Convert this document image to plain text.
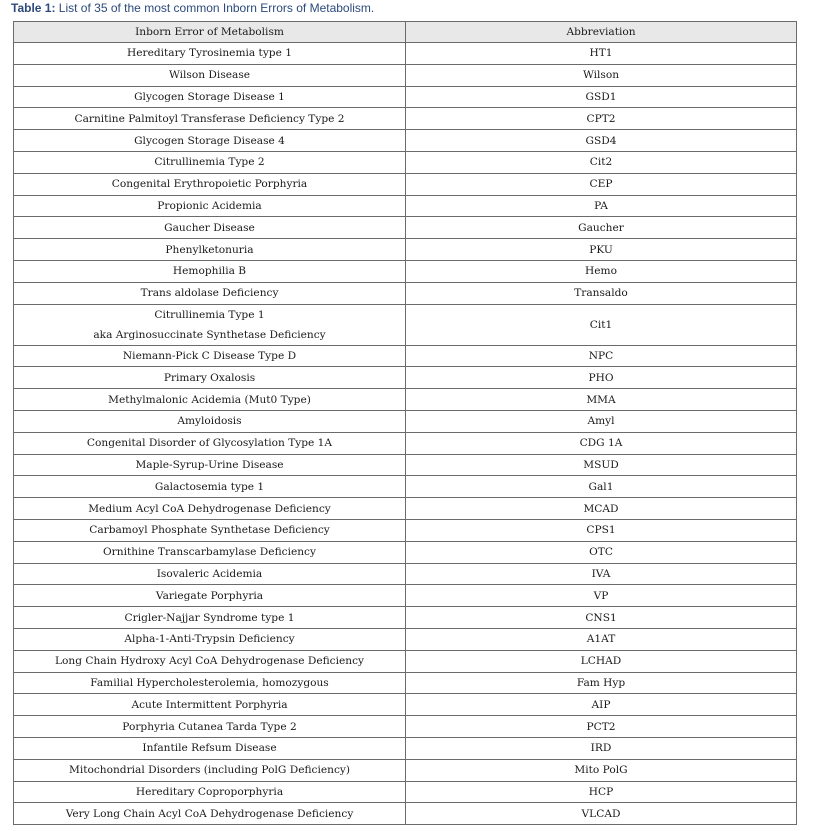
Table 1: List of 35 of the most common Inborn Errors of Metabolism.
Inborn Error of Metabolism	Abbreviation
Hereditary Tyrosinemia type 1	HT1
Wilson Disease	Wilson
Glycogen Storage Disease 1	GSD1
Carnitine Palmitoyl Transferase Deficiency Type 2	CPT2
Glycogen Storage Disease 4	GSD4
Citrullinemia Type 2	Cit2
Congenital Erythropoietic Porphyria	CEP
Propionic Acidemia	PA
Gaucher Disease	Gaucher
Phenylketonuria	PKU
Hemophilia B	Hemo
Trans aldolase Deficiency	Transaldo

Citrullinemia Type 1
aka Arginosuccinate Synthetase Deficiency	Cit1
Niemann-Pick C Disease Type D	NPC
Primary Oxalosis	PHO
Methylmalonic Acidemia (Mut0 Type)	MMA
Amyloidosis	Amyl
Congenital Disorder of Glycosylation Type 1A	CDG 1A
Maple-Syrup-Urine Disease	MSUD
Galactosemia type 1	Gal1
Medium Acyl CoA Dehydrogenase Deficiency	MCAD
Carbamoyl Phosphate Synthetase Deficiency	CPS1
Ornithine Transcarbamylase Deficiency	OTC
Isovaleric Acidemia	IVA
Variegate Porphyria	VP
Crigler-Najjar Syndrome type 1	CNS1
Alpha-1-Anti-Trypsin Deficiency	A1AT
Long Chain Hydroxy Acyl CoA Dehydrogenase Deficiency	LCHAD
Familial Hypercholesterolemia, homozygous	Fam Hyp
Acute Intermittent Porphyria	AIP
Porphyria Cutanea Tarda Type 2	PCT2
Infantile Refsum Disease	IRD
Mitochondrial Disorders (including PolG Deficiency)	Mito PolG
Hereditary Coproporphyria	HCP
Very Long Chain Acyl CoA Dehydrogenase Deficiency	VLCAD
